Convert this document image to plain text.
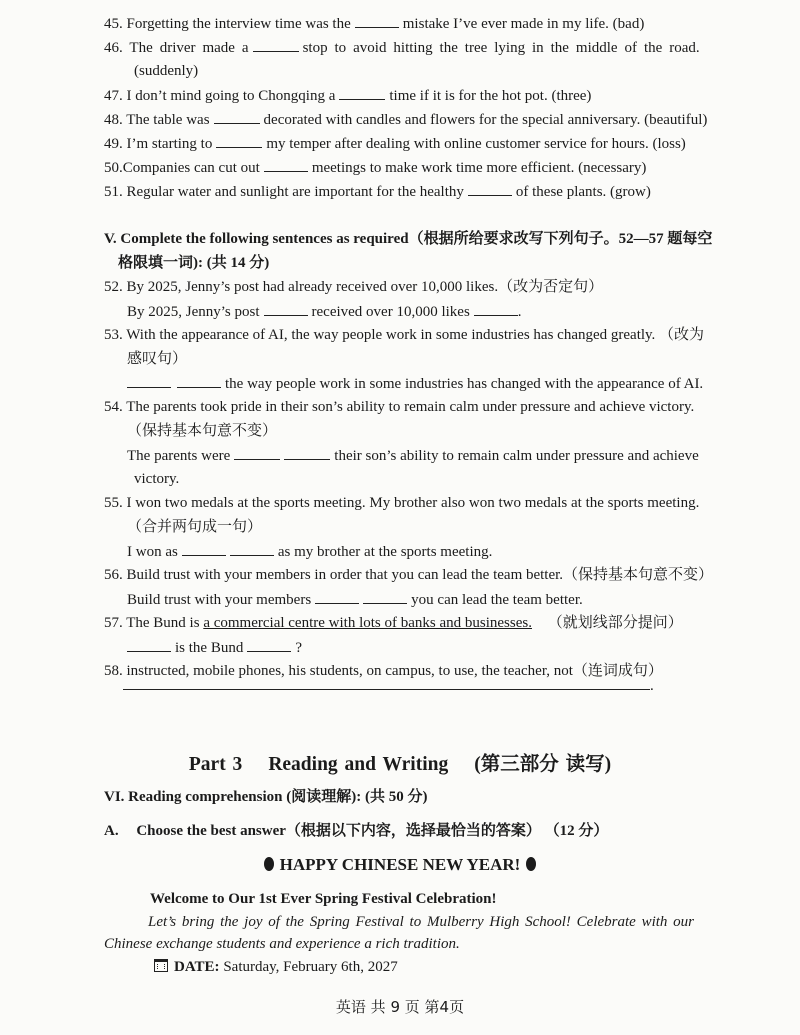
45. Forgetting the interview time was the	mistake I’ve ever made in my life. (bad)
46. The driver made a	stop to avoid hitting the tree lying in the middle of the road.
(suddenly)
47. I don’t mind going to Chongqing a	time if it is for the hot pot. (three)
48. The table was	decorated with candles and flowers for the special anniversary. (beautiful)
49. I’m starting to	my temper after dealing with online customer service for hours. (loss)
50.Companies can cut out	meetings to make work time more efficient. (necessary)
51. Regular water and sunlight are important for the healthy	of these plants. (grow)
V. Complete the following sentences as required（根据所给要求改写下列句子。52—57 题每空
格限填一词): (共 14 分)
52. By 2025, Jenny’s post had already received over 10,000 likes.（改为否定句）
By 2025, Jenny’s post	received over 10,000 likes	.
53. With the appearance of AI, the way people work in some industries has changed greatly. （改为
感叹句）
the way people work in some industries has changed with the appearance of AI.
54. The parents took pride in their son’s ability to remain calm under pressure and achieve victory.
（保持基本句意不变）
The parents were	their son’s ability to remain calm under pressure and achieve
victory.
55. I won two medals at the sports meeting. My brother also won two medals at the sports meeting.
（合并两句成一句）
I won as	as my brother at the sports meeting.
56. Build trust with your members in order that you can lead the team better.（保持基本句意不变）
Build trust with your members	you can lead the team better.
57. The Bund is a commercial centre with lots of banks and businesses. （就划线部分提问）
is the Bund	?
58. instructed, mobile phones, his students, on campus, to use, the teacher, not（连词成句）
.
Part 3 Reading and Writing (第三部分 读写)
VI. Reading comprehension (阅读理解): (共 50 分)
A. Choose the best answer（根据以下内容，选择最恰当的答案） （12 分）
HAPPY CHINESE NEW YEAR!
Welcome to Our 1st Ever Spring Festival Celebration!
Let’s bring the joy of the Spring Festival to Mulberry High School! Celebrate with our
Chinese exchange students and experience a rich tradition.
DATE: Saturday, February 6th, 2027
英语 共 9 页 第4页
